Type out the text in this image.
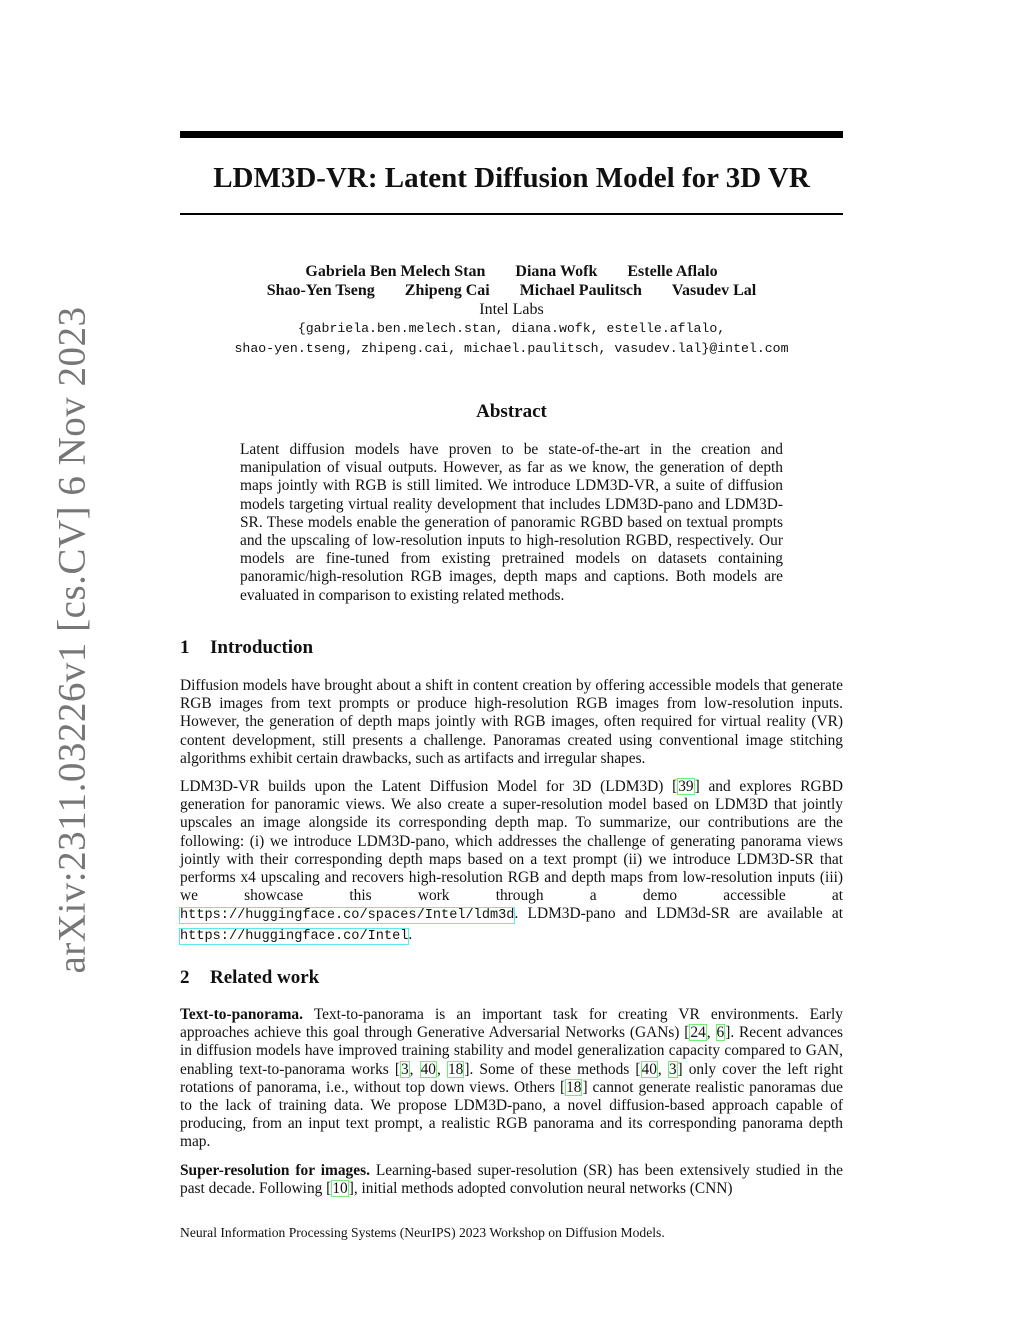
arXiv:2311.03226v1 [cs.CV] 6 Nov 2023
LDM3D-VR: Latent Diffusion Model for 3D VR
Gabriela Ben Melech Stan Diana Wofk Estelle Aflalo
Shao-Yen Tseng Zhipeng Cai Michael Paulitsch Vasudev Lal
Intel Labs
{gabriela.ben.melech.stan, diana.wofk, estelle.aflalo,
shao-yen.tseng, zhipeng.cai, michael.paulitsch, vasudev.lal}@intel.com
Abstract

Latent diffusion models have proven to be state-of-the-art in the creation and manipulation of visual outputs. However, as far as we know, the generation of depth maps jointly with RGB is still limited. We introduce LDM3D-VR, a suite of diffusion models targeting virtual reality development that includes LDM3D-pano and LDM3D-SR. These models enable the generation of panoramic RGBD based on textual prompts and the upscaling of low-resolution inputs to high-resolution RGBD, respectively. Our models are fine-tuned from existing pretrained models on datasets containing panoramic/high-resolution RGB images, depth maps and captions. Both models are evaluated in comparison to existing related methods.

1 Introduction

Diffusion models have brought about a shift in content creation by offering accessible models that generate RGB images from text prompts or produce high-resolution RGB images from low-resolution inputs. However, the generation of depth maps jointly with RGB images, often required for virtual reality (VR) content development, still presents a challenge. Panoramas created using conventional image stitching algorithms exhibit certain drawbacks, such as artifacts and irregular shapes.

LDM3D-VR builds upon the Latent Diffusion Model for 3D (LDM3D) [39] and explores RGBD generation for panoramic views. We also create a super-resolution model based on LDM3D that jointly upscales an image alongside its corresponding depth map. To summarize, our contributions are the following: (i) we introduce LDM3D-pano, which addresses the challenge of generating panorama views jointly with their corresponding depth maps based on a text prompt (ii) we introduce LDM3D-SR that performs x4 upscaling and recovers high-resolution RGB and depth maps from low-resolution inputs (iii) we showcase this work through a demo accessible at https://huggingface.co/spaces/Intel/ldm3d. LDM3D-pano and LDM3d-SR are available at https://huggingface.co/Intel.

2 Related work

Text-to-panorama. Text-to-panorama is an important task for creating VR environments. Early approaches achieve this goal through Generative Adversarial Networks (GANs) [24, 6]. Recent advances in diffusion models have improved training stability and model generalization capacity compared to GAN, enabling text-to-panorama works [3, 40, 18]. Some of these methods [40, 3] only cover the left right rotations of panorama, i.e., without top down views. Others [18] cannot generate realistic panoramas due to the lack of training data. We propose LDM3D-pano, a novel diffusion-based approach capable of producing, from an input text prompt, a realistic RGB panorama and its corresponding panorama depth map.

Super-resolution for images. Learning-based super-resolution (SR) has been extensively studied in the past decade. Following [10], initial methods adopted convolution neural networks (CNN)

Neural Information Processing Systems (NeurIPS) 2023 Workshop on Diffusion Models.
